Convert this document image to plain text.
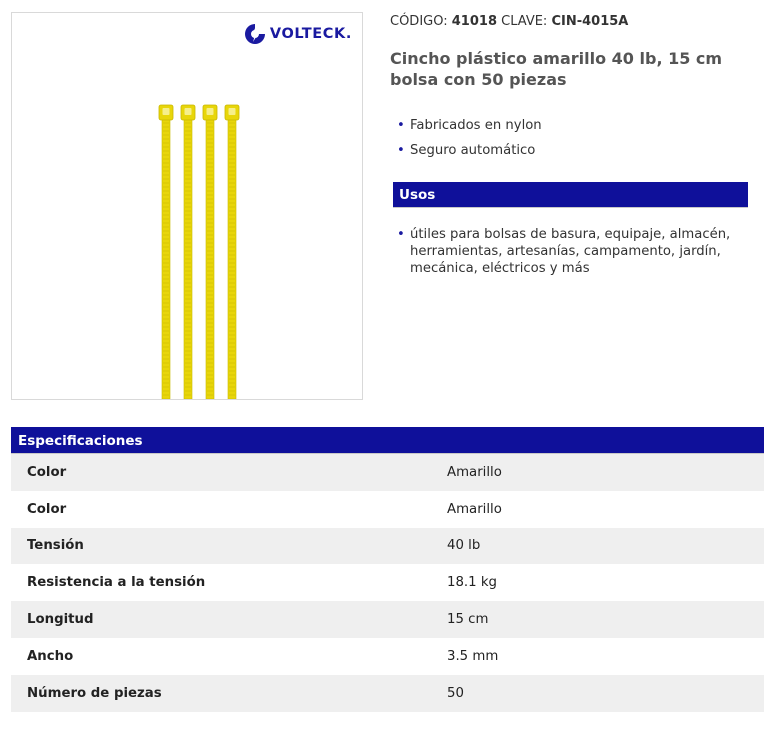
VOLTECK.
CÓDIGO: 41018 CLAVE: CIN-4015A
Cincho plástico amarillo 40 lb, 15 cm bolsa con 50 piezas
• Fabricados en nylon
• Seguro automático
Usos
• útiles para bolsas de basura, equipaje, almacén, herramientas, artesanías, campamento, jardín, mecánica, eléctricos y más
Especificaciones
Color	Amarillo
Color	Amarillo
Tensión	40 lb
Resistencia a la tensión	18.1 kg
Longitud	15 cm
Ancho	3.5 mm
Número de piezas	50
